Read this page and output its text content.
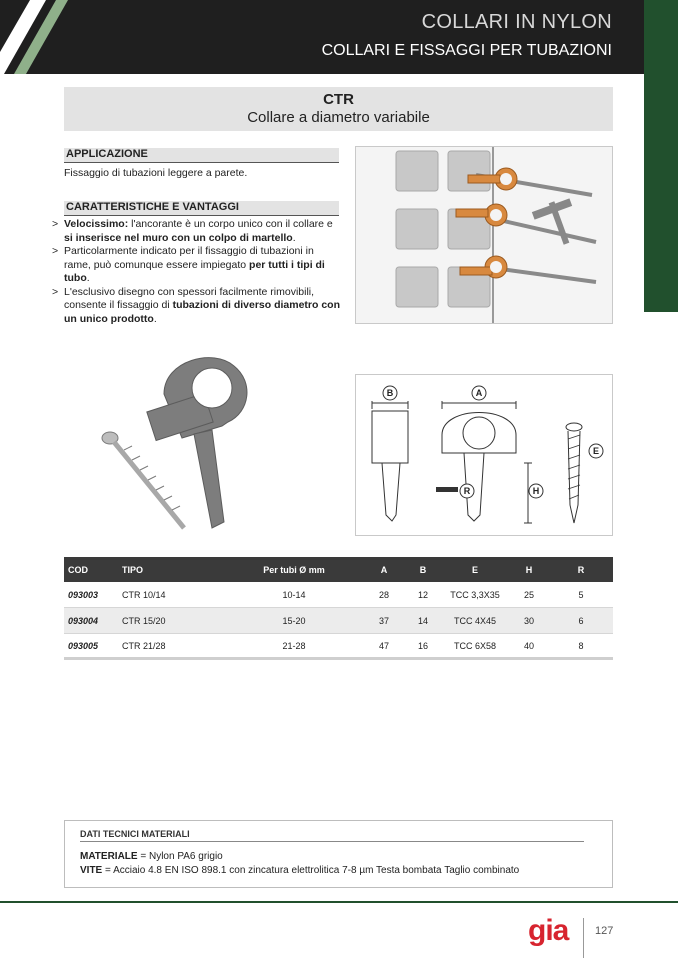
COLLARI IN NYLON
COLLARI E FISSAGGI PER TUBAZIONI
CTR
Collare a diametro variabile
APPLICAZIONE
Fissaggio di tubazioni leggere a parete.
CARATTERISTICHE E VANTAGGI
> Velocissimo: l'ancorante è un corpo unico con il collare e si inserisce nel muro con un colpo di martello.
> Particolarmente indicato per il fissaggio di tubazioni in rame, può comunque essere impiegato per tutti i tipi di tubo.
> L'esclusivo disegno con spessori facilmente rimovibili, consente il fissaggio di tubazioni di diverso diametro con un unico prodotto.
B	A
E
R	H
COD	TIPO	Per tubi Ø mm	A	B	E	H	R
093003	CTR 10/14	10-14	28	12	TCC 3,3X35	25	5
093004	CTR 15/20	15-20	37	14	TCC 4X45	30	6
093005	CTR 21/28	21-28	47	16	TCC 6X58	40	8
DATI TECNICI MATERIALI
MATERIALE = Nylon PA6 grigio
VITE = Acciaio 4.8 EN ISO 898.1 con zincatura elettrolitica 7-8 µm Testa bombata Taglio combinato
gia 127
